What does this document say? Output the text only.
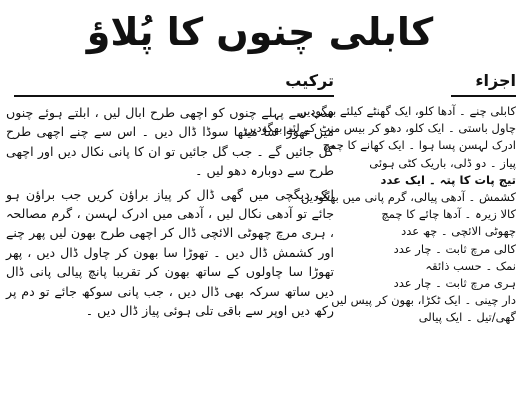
کابلی چنوں کا پُلاؤ
اجزاء
کابلی چنے ۔ آدھا کلو، ایک گھنٹے کیلئے بھگودیں
چاول باستی ۔ ایک کلو، دھو کر بیس منٹ کے لئے بھگودیں
ادرک لہسن پسا ہوا ۔ ایک کھانے کا چمچ
پیاز ۔ دو ڈلی، باریک کٹی ہوئی
تیج پات کا پتہ ۔ ایک عدد
کشمش ۔ آدھی پیالی، گرم پانی میں بھگودیں
کالا زیرہ ۔ آدھا چائے کا چمچ
چھوٹی الائچی ۔ چھ عدد
کالی مرچ ثابت ۔ چار عدد
نمک ۔ حسب ذائقہ
ہری مرچ ثابت ۔ چار عدد
دار چینی ۔ ایک ٹکڑا، بھون کر پیس لیں
گھی/تیل ۔ ایک پیالی
ترکیب

سب سے پہلے چنوں کو اچھی طرح ابال لیں ، ابلتے ہوئے چنوں میں تھوڑا سا میٹھا سوڈا ڈال دیں ۔ اس سے چنے اچھی طرح گل جائیں گے ۔ جب گل جائیں تو ان کا پانی نکال دیں اور اچھی طرح سے دوبارہ دھو لیں ۔

ایک دیگچی میں گھی ڈال کر پیاز براؤن کریں جب براؤن ہو جائے تو آدھی نکال لیں ، آدھی میں ادرک لہسن ، گرم مصالحہ ، ہری مرچ چھوٹی الائچی ڈال کر اچھی طرح بھون لیں پھر چنے اور کشمش ڈال دیں ۔ تھوڑا سا بھون کر چاول ڈال دیں ، پھر تھوڑا سا چاولوں کے ساتھ بھون کر تقریبا پانچ پیالی پانی ڈال دیں ساتھ سرکہ بھی ڈال دیں ، جب پانی سوکھ جائے تو دم پر رکھ دیں اوپر سے باقی تلی ہوئی پیاز ڈال دیں ۔
